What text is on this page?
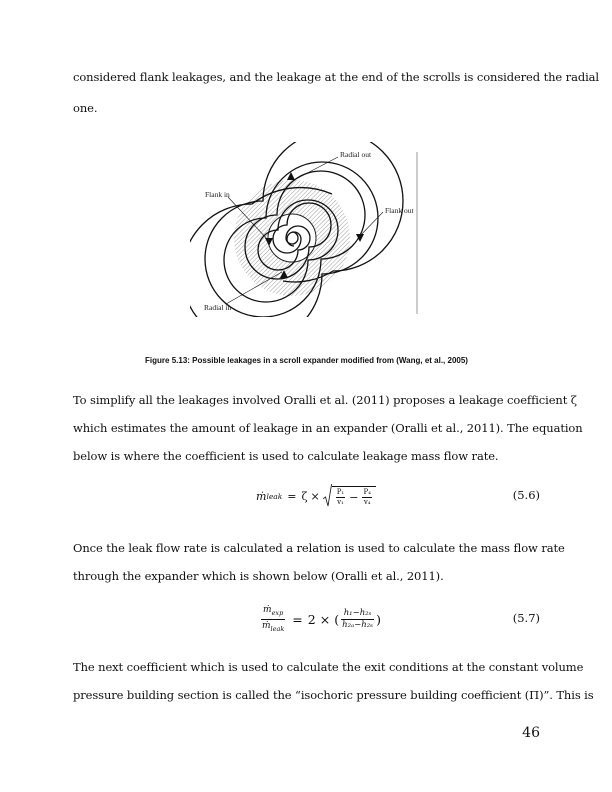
considered flank leakages, and the leakage at the end of the scrolls is considered the radial
one.
Radial out
Flank in
Flank out
Radial in
Figure 5.13: Possible leakages in a scroll expander modified from (Wang, et al., 2005)
To simplify all the leakages involved Oralli et al. (2011) proposes a leakage coefficient ζ
which estimates the amount of leakage in an expander (Oralli et al., 2011). The equation
below is where the coefficient is used to calculate leakage mass flow rate.
ṁ leak = $\zeta \times \frac{\text{P₁}}{\text{v₁}} - \frac{\text{P₄}}{\text{v₄}}$	(5.6)
Once the leak flow rate is calculated a relation is used to calculate the mass flow rate
through the expander which is shown below (Oralli et al., 2011).
$\frac{ṁ_{exp}}{ṁ_{leak}} = 2$ × ( $\frac{\text{h₁−h₂ₛ}}{\text{h₂ₐ−h₂ₛ}}$ )	(5.7)
The next coefficient which is used to calculate the exit conditions at the constant volume
pressure building section is called the “isochoric pressure building coefficient (Π)”. This is
46
